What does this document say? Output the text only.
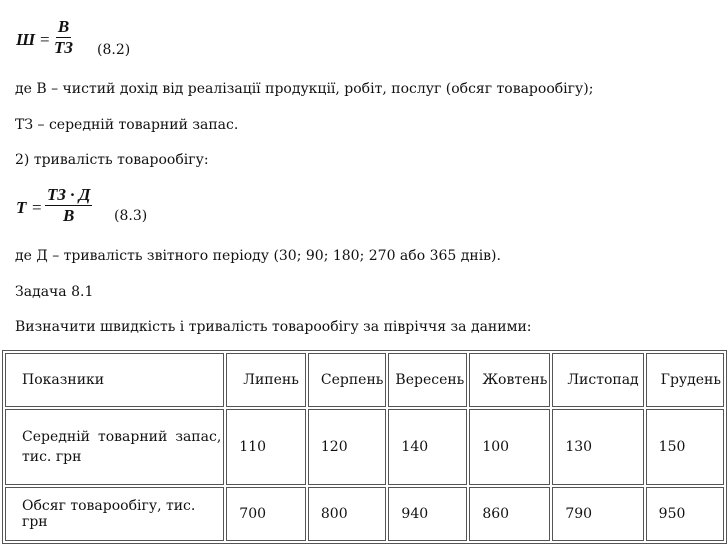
Ш =
В
ТЗ (8.2)
де В – чистий дохід від реалізації продукції, робіт, послуг (обсяг товарообігу);
ТЗ – середній товарний запас.
2) тривалість товарообігу:
Т =
ТЗ · Д
В	(8.3)
де Д – тривалість звітного періоду (30; 90; 180; 270 або 365 днів).
Задача 8.1
Визначити швидкість і тривалість товарообігу за півріччя за даними:
Показники	Липень	Серпень	Вересень	Жовтень	Листопад	Грудень
Середній товарний запас, тис. грн	110	120	140	100	130	150
Обсяг товарообігу, тис. грн	700	800	940	860	790	950
